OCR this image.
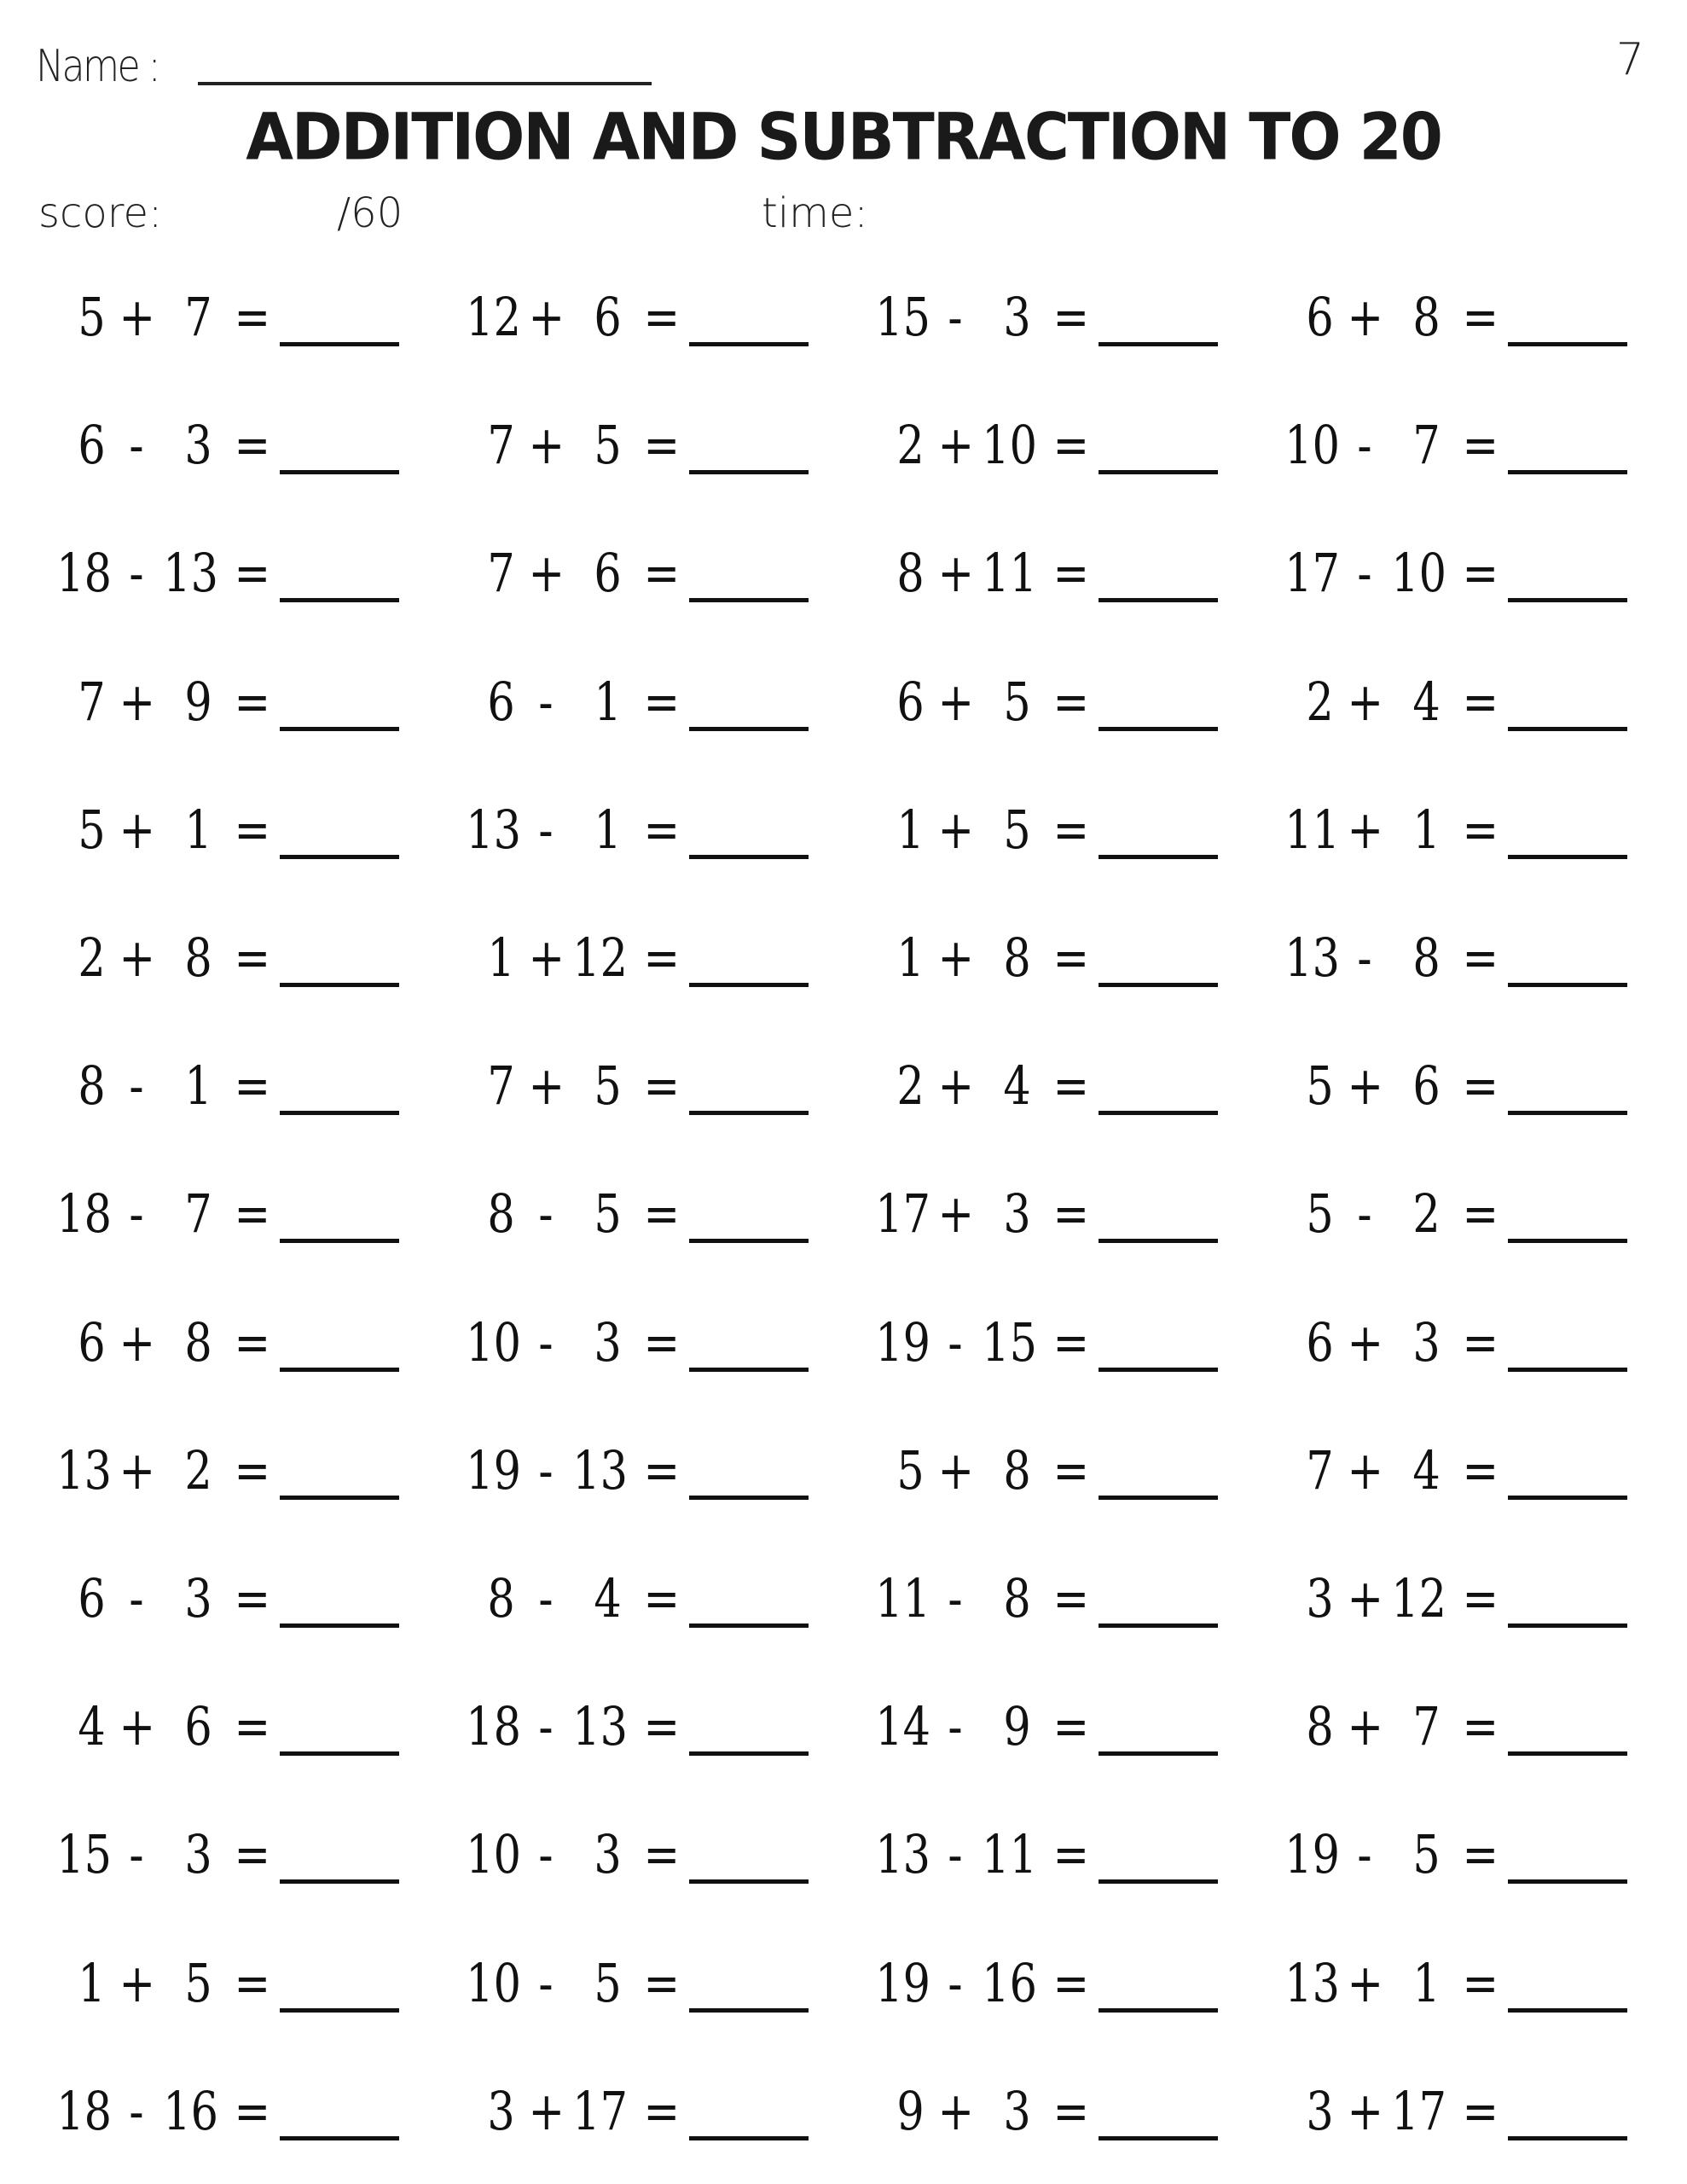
Name :	7
ADDITION AND SUBTRACTION TO 20
score:	/60	time:
5 + 7 =	12 + 6 =	15 - 3 =	6 + 8 =
6 - 3 =	7 + 5 =	2 + 10 =	10 - 7 =
18 - 13 =	7 + 6 =	8 + 11 =	17 - 10 =
7 + 9 =	6 - 1 =	6 + 5 =	2 + 4 =
5 + 1 =	13 - 1 =	1 + 5 =	11 + 1 =
2 + 8 =	1 + 12 =	1 + 8 =	13 - 8 =
8 - 1 =	7 + 5 =	2 + 4 =	5 + 6 =
18 - 7 =	8 - 5 =	17 + 3 =	5 - 2 =
6 + 8 =	10 - 3 =	19 - 15 =	6 + 3 =
13 + 2 =	19 - 13 =	5 + 8 =	7 + 4 =
6 - 3 =	8 - 4 =	11 - 8 =	3 + 12 =
4 + 6 =	18 - 13 =	14 - 9 =	8 + 7 =
15 - 3 =	10 - 3 =	13 - 11 =	19 - 5 =
1 + 5 =	10 - 5 =	19 - 16 =	13 + 1 =
18 - 16 =	3 + 17 =	9 + 3 =	3 + 17 =
